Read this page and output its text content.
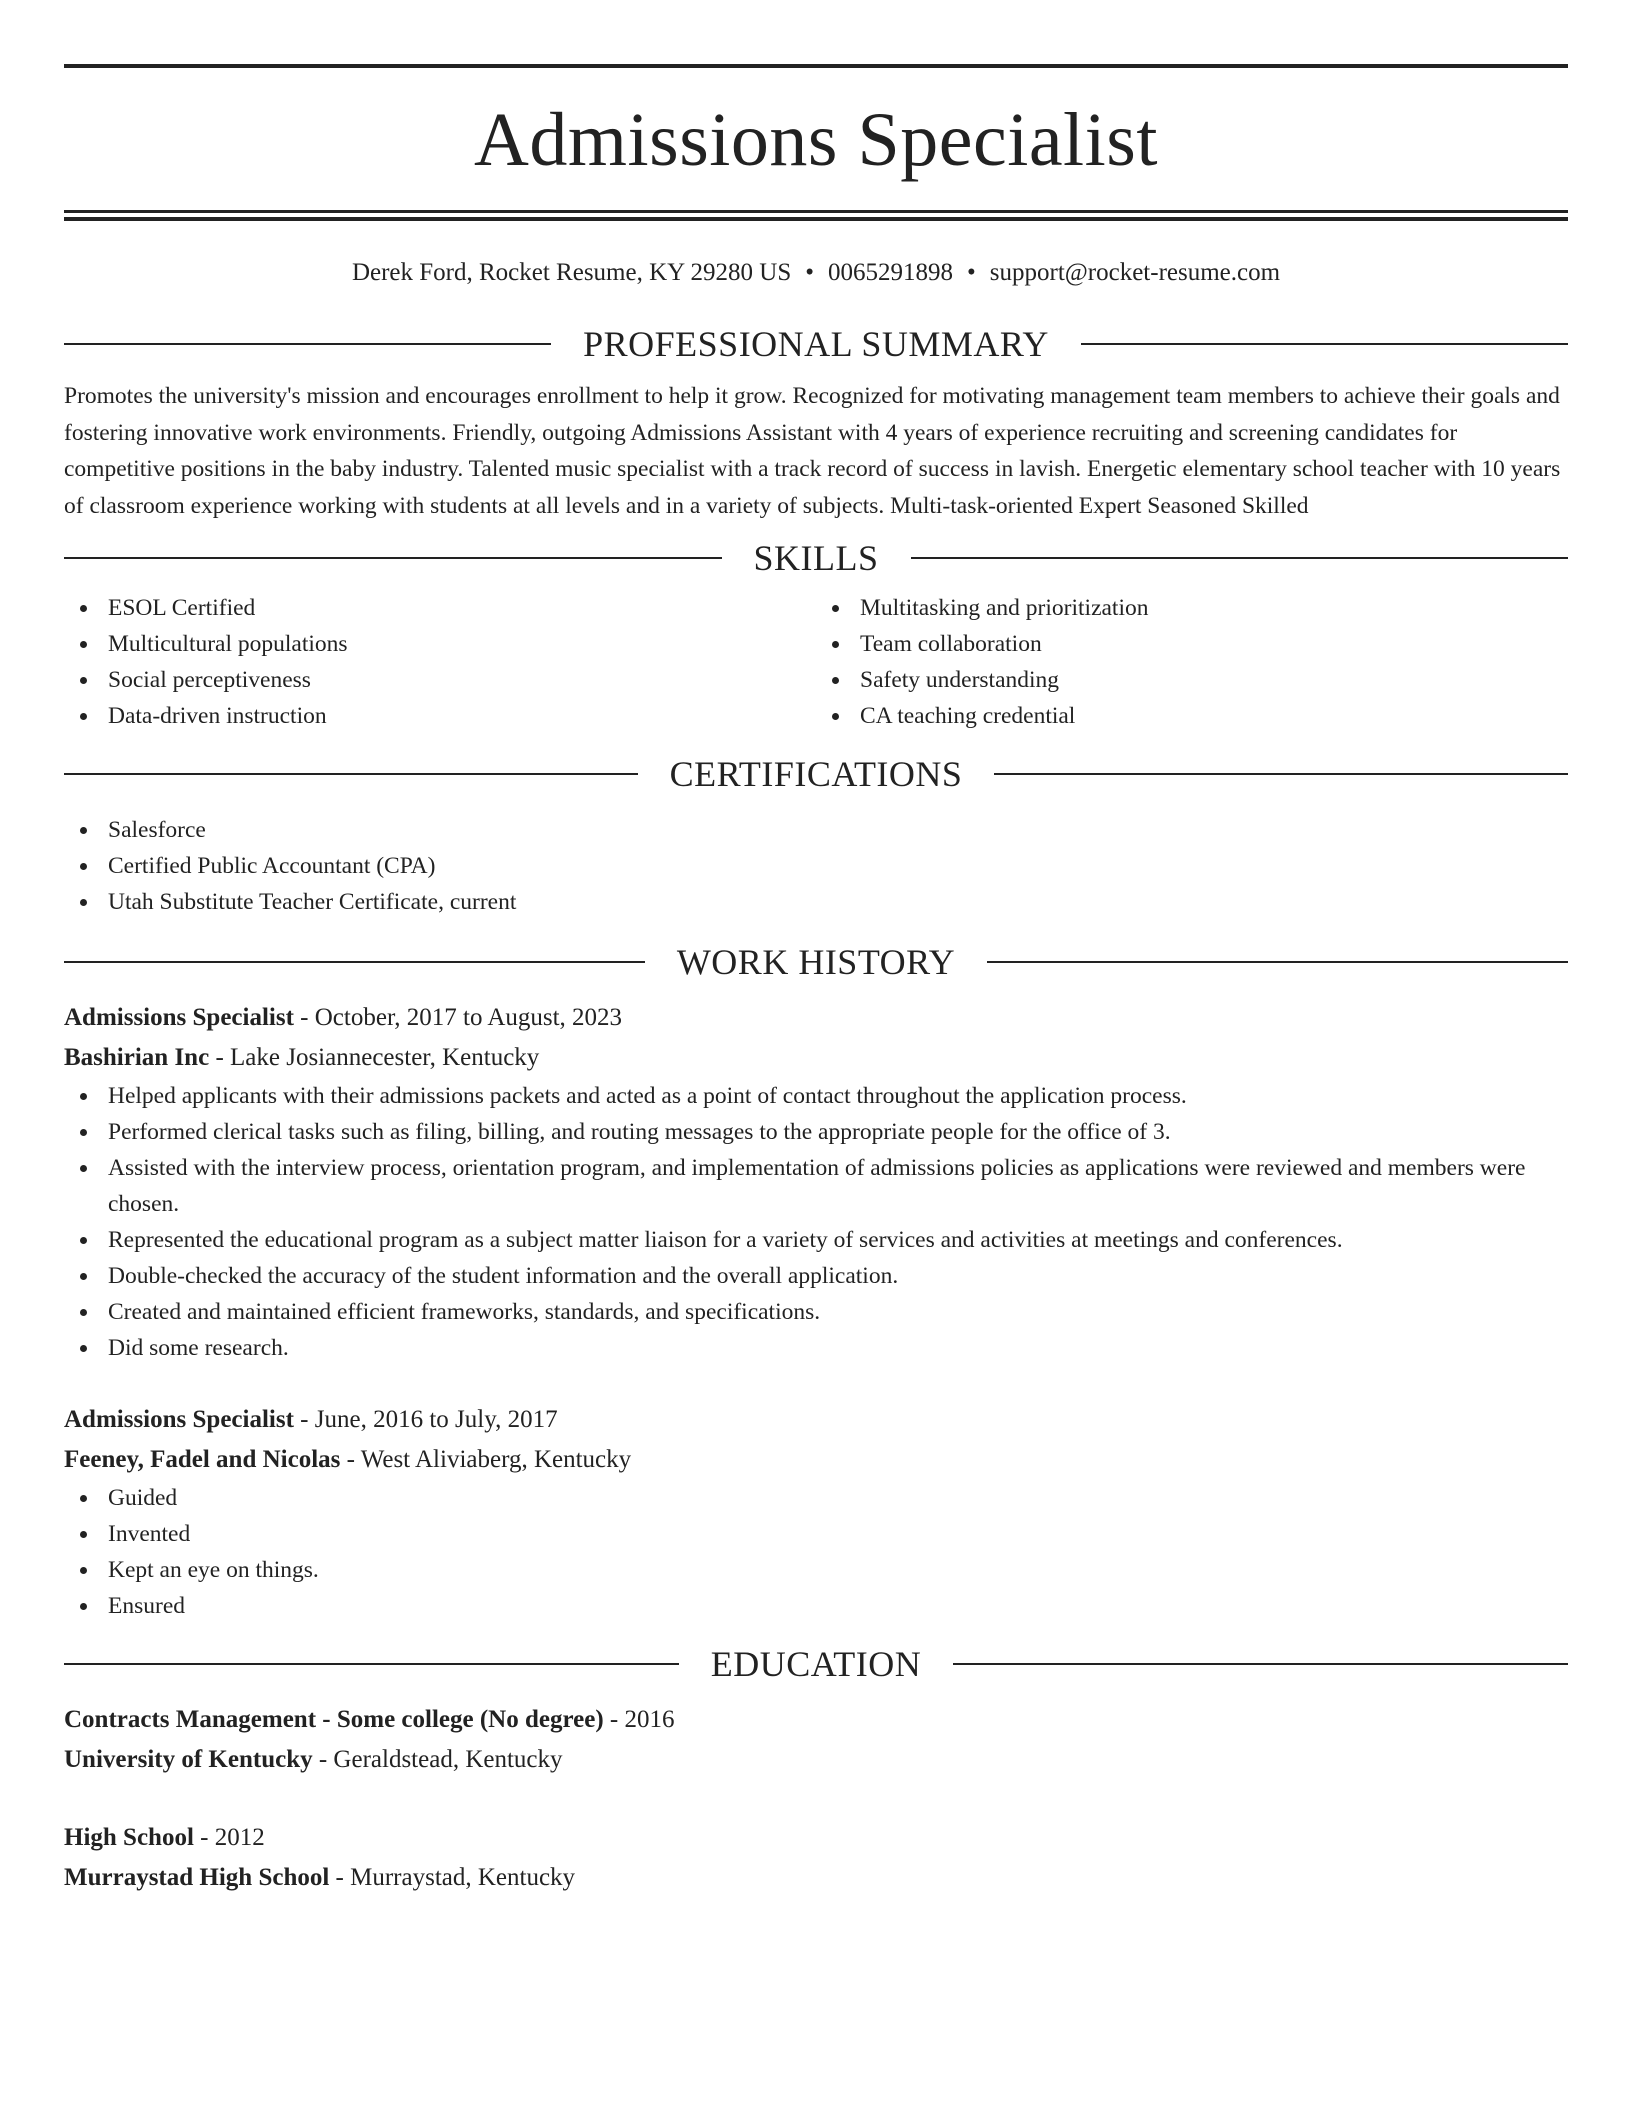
Admissions Specialist
Derek Ford, Rocket Resume, KY 29280 US • 0065291898 • support@rocket-resume.com
PROFESSIONAL SUMMARY

Promotes the university's mission and encourages enrollment to help it grow. Recognized for motivating management team members to achieve their goals and fostering innovative work environments. Friendly, outgoing Admissions Assistant with 4 years of experience recruiting and screening candidates for competitive positions in the baby industry. Talented music specialist with a track record of success in lavish. Energetic elementary school teacher with 10 years of classroom experience working with students at all levels and in a variety of subjects. Multi-task-oriented Expert Seasoned Skilled

SKILLS
ESOL Certified
Multicultural populations
Social perceptiveness
Data-driven instruction
Multitasking and prioritization
Team collaboration
Safety understanding
CA teaching credential
CERTIFICATIONS
Salesforce
Certified Public Accountant (CPA)
Utah Substitute Teacher Certificate, current
WORK HISTORY
Admissions Specialist - October, 2017 to August, 2023
Bashirian Inc - Lake Josiannecester, Kentucky
Helped applicants with their admissions packets and acted as a point of contact throughout the application process.
Performed clerical tasks such as filing, billing, and routing messages to the appropriate people for the office of 3.
Assisted with the interview process, orientation program, and implementation of admissions policies as applications were reviewed and members were chosen.
Represented the educational program as a subject matter liaison for a variety of services and activities at meetings and conferences.
Double-checked the accuracy of the student information and the overall application.
Created and maintained efficient frameworks, standards, and specifications.
Did some research.
Admissions Specialist - June, 2016 to July, 2017
Feeney, Fadel and Nicolas - West Aliviaberg, Kentucky
Guided
Invented
Kept an eye on things.
Ensured
EDUCATION
Contracts Management - Some college (No degree) - 2016
University of Kentucky - Geraldstead, Kentucky
High School - 2012
Murraystad High School - Murraystad, Kentucky
